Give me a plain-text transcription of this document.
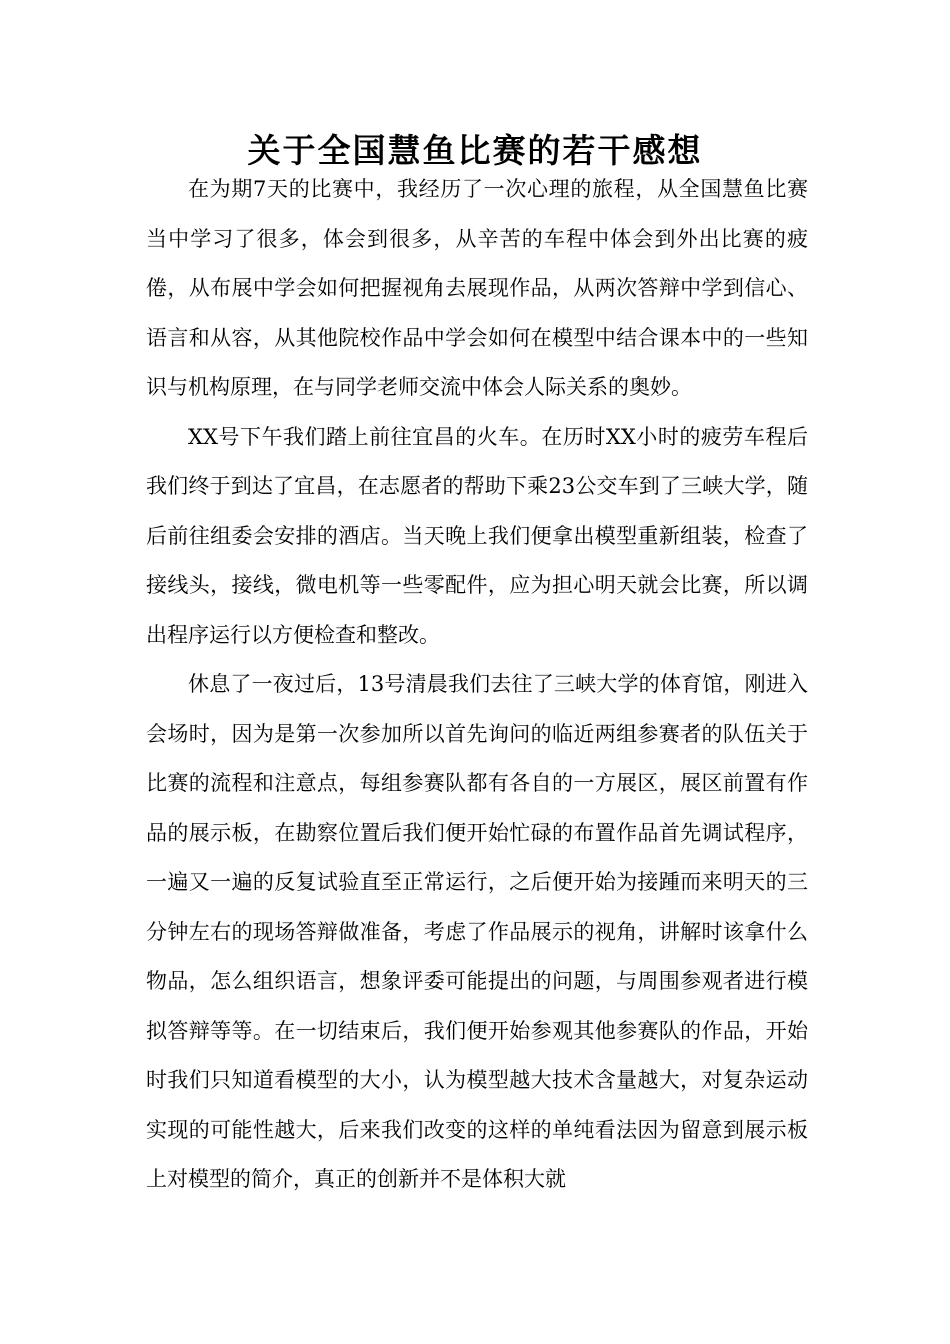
关于全国慧鱼比赛的若干感想

在为期7天的比赛中，我经历了一次心理的旅程，从全国慧鱼比赛当中学习了很多，体会到很多，从辛苦的车程中体会到外出比赛的疲倦，从布展中学会如何把握视角去展现作品，从两次答辩中学到信心、语言和从容，从其他院校作品中学会如何在模型中结合课本中的一些知识与机构原理，在与同学老师交流中体会人际关系的奥妙。

XX号下午我们踏上前往宜昌的火车。在历时XX小时的疲劳车程后我们终于到达了宜昌，在志愿者的帮助下乘23公交车到了三峡大学，随后前往组委会安排的酒店。当天晚上我们便拿出模型重新组装，检查了接线头，接线，微电机等一些零配件，应为担心明天就会比赛，所以调出程序运行以方便检查和整改。

休息了一夜过后，13号清晨我们去往了三峡大学的体育馆，刚进入会场时，因为是第一次参加所以首先询问的临近两组参赛者的队伍关于比赛的流程和注意点，每组参赛队都有各自的一方展区，展区前置有作品的展示板，在勘察位置后我们便开始忙碌的布置作品首先调试程序，一遍又一遍的反复试验直至正常运行，之后便开始为接踵而来明天的三分钟左右的现场答辩做准备，考虑了作品展示的视角，讲解时该拿什么物品，怎么组织语言，想象评委可能提出的问题，与周围参观者进行模拟答辩等等。在一切结束后，我们便开始参观其他参赛队的作品，开始时我们只知道看模型的大小，认为模型越大技术含量越大，对复杂运动实现的可能性越大，后来我们改变的这样的单纯看法因为留意到展示板上对模型的简介，真正的创新并不是体积大就
